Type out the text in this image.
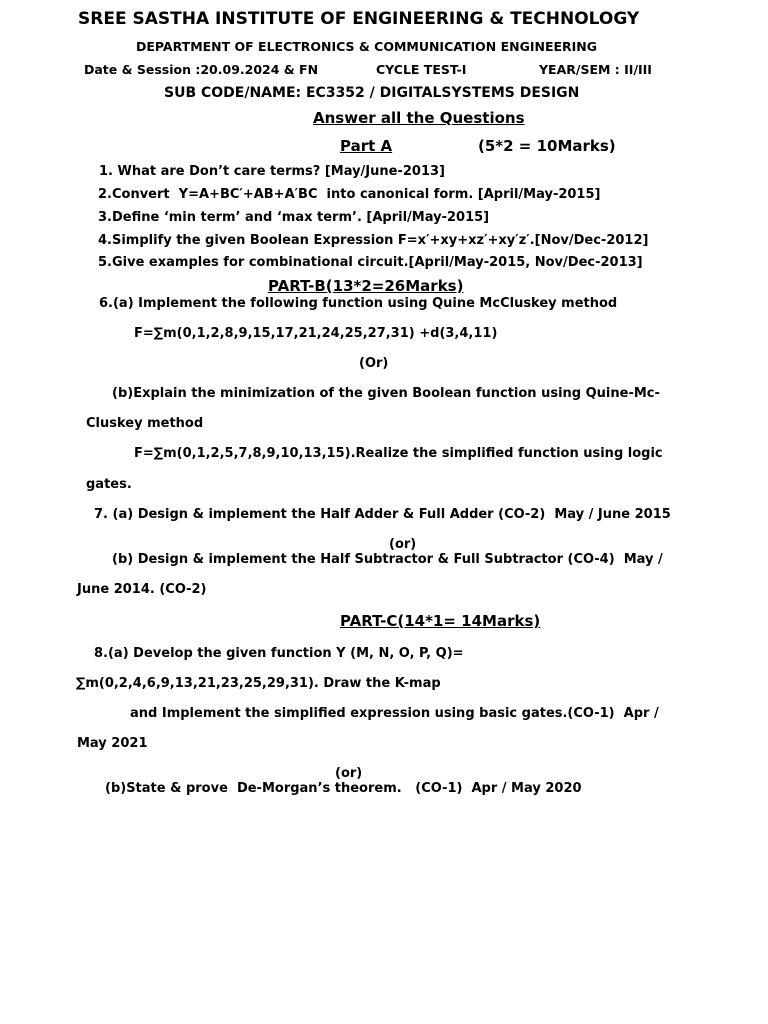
SREE SASTHA INSTITUTE OF ENGINEERING & TECHNOLOGY
DEPARTMENT OF ELECTRONICS & COMMUNICATION ENGINEERING
Date & Session :20.09.2024 & FN	CYCLE TEST-I	YEAR/SEM : II/III
SUB CODE/NAME: EC3352 / DIGITALSYSTEMS DESIGN
Answer all the Questions
Part A	(5*2 = 10Marks)
1. What are Don’t care terms? [May/June-2013]
2.Convert  Y=A+BC′+AB+A′BC  into canonical form. [April/May-2015]
3.Define ‘min term’ and ‘max term’. [April/May-2015]
4.Simplify the given Boolean Expression F=x′+xy+xz′+xy′z′.[Nov/Dec-2012]
5.Give examples for combinational circuit.[April/May-2015, Nov/Dec-2013]
PART-B(13*2=26Marks)
6.(a) Implement the following function using Quine McCluskey method
F=∑m(0,1,2,8,9,15,17,21,24,25,27,31) +d(3,4,11)
(Or)
(b)Explain the minimization of the given Boolean function using Quine-Mc-
Cluskey method
F=∑m(0,1,2,5,7,8,9,10,13,15).Realize the simplified function using logic
gates.
7. (a) Design & implement the Half Adder & Full Adder (CO-2)  May / June 2015
(or)
(b) Design & implement the Half Subtractor & Full Subtractor (CO-4)  May /
June 2014. (CO-2)
PART-C(14*1= 14Marks)
8.(a) Develop the given function Y (M, N, O, P, Q)=
∑m(0,2,4,6,9,13,21,23,25,29,31). Draw the K-map
and Implement the simplified expression using basic gates.(CO-1)  Apr /
May 2021
(or)
(b)State & prove  De-Morgan’s theorem.   (CO-1)  Apr / May 2020
